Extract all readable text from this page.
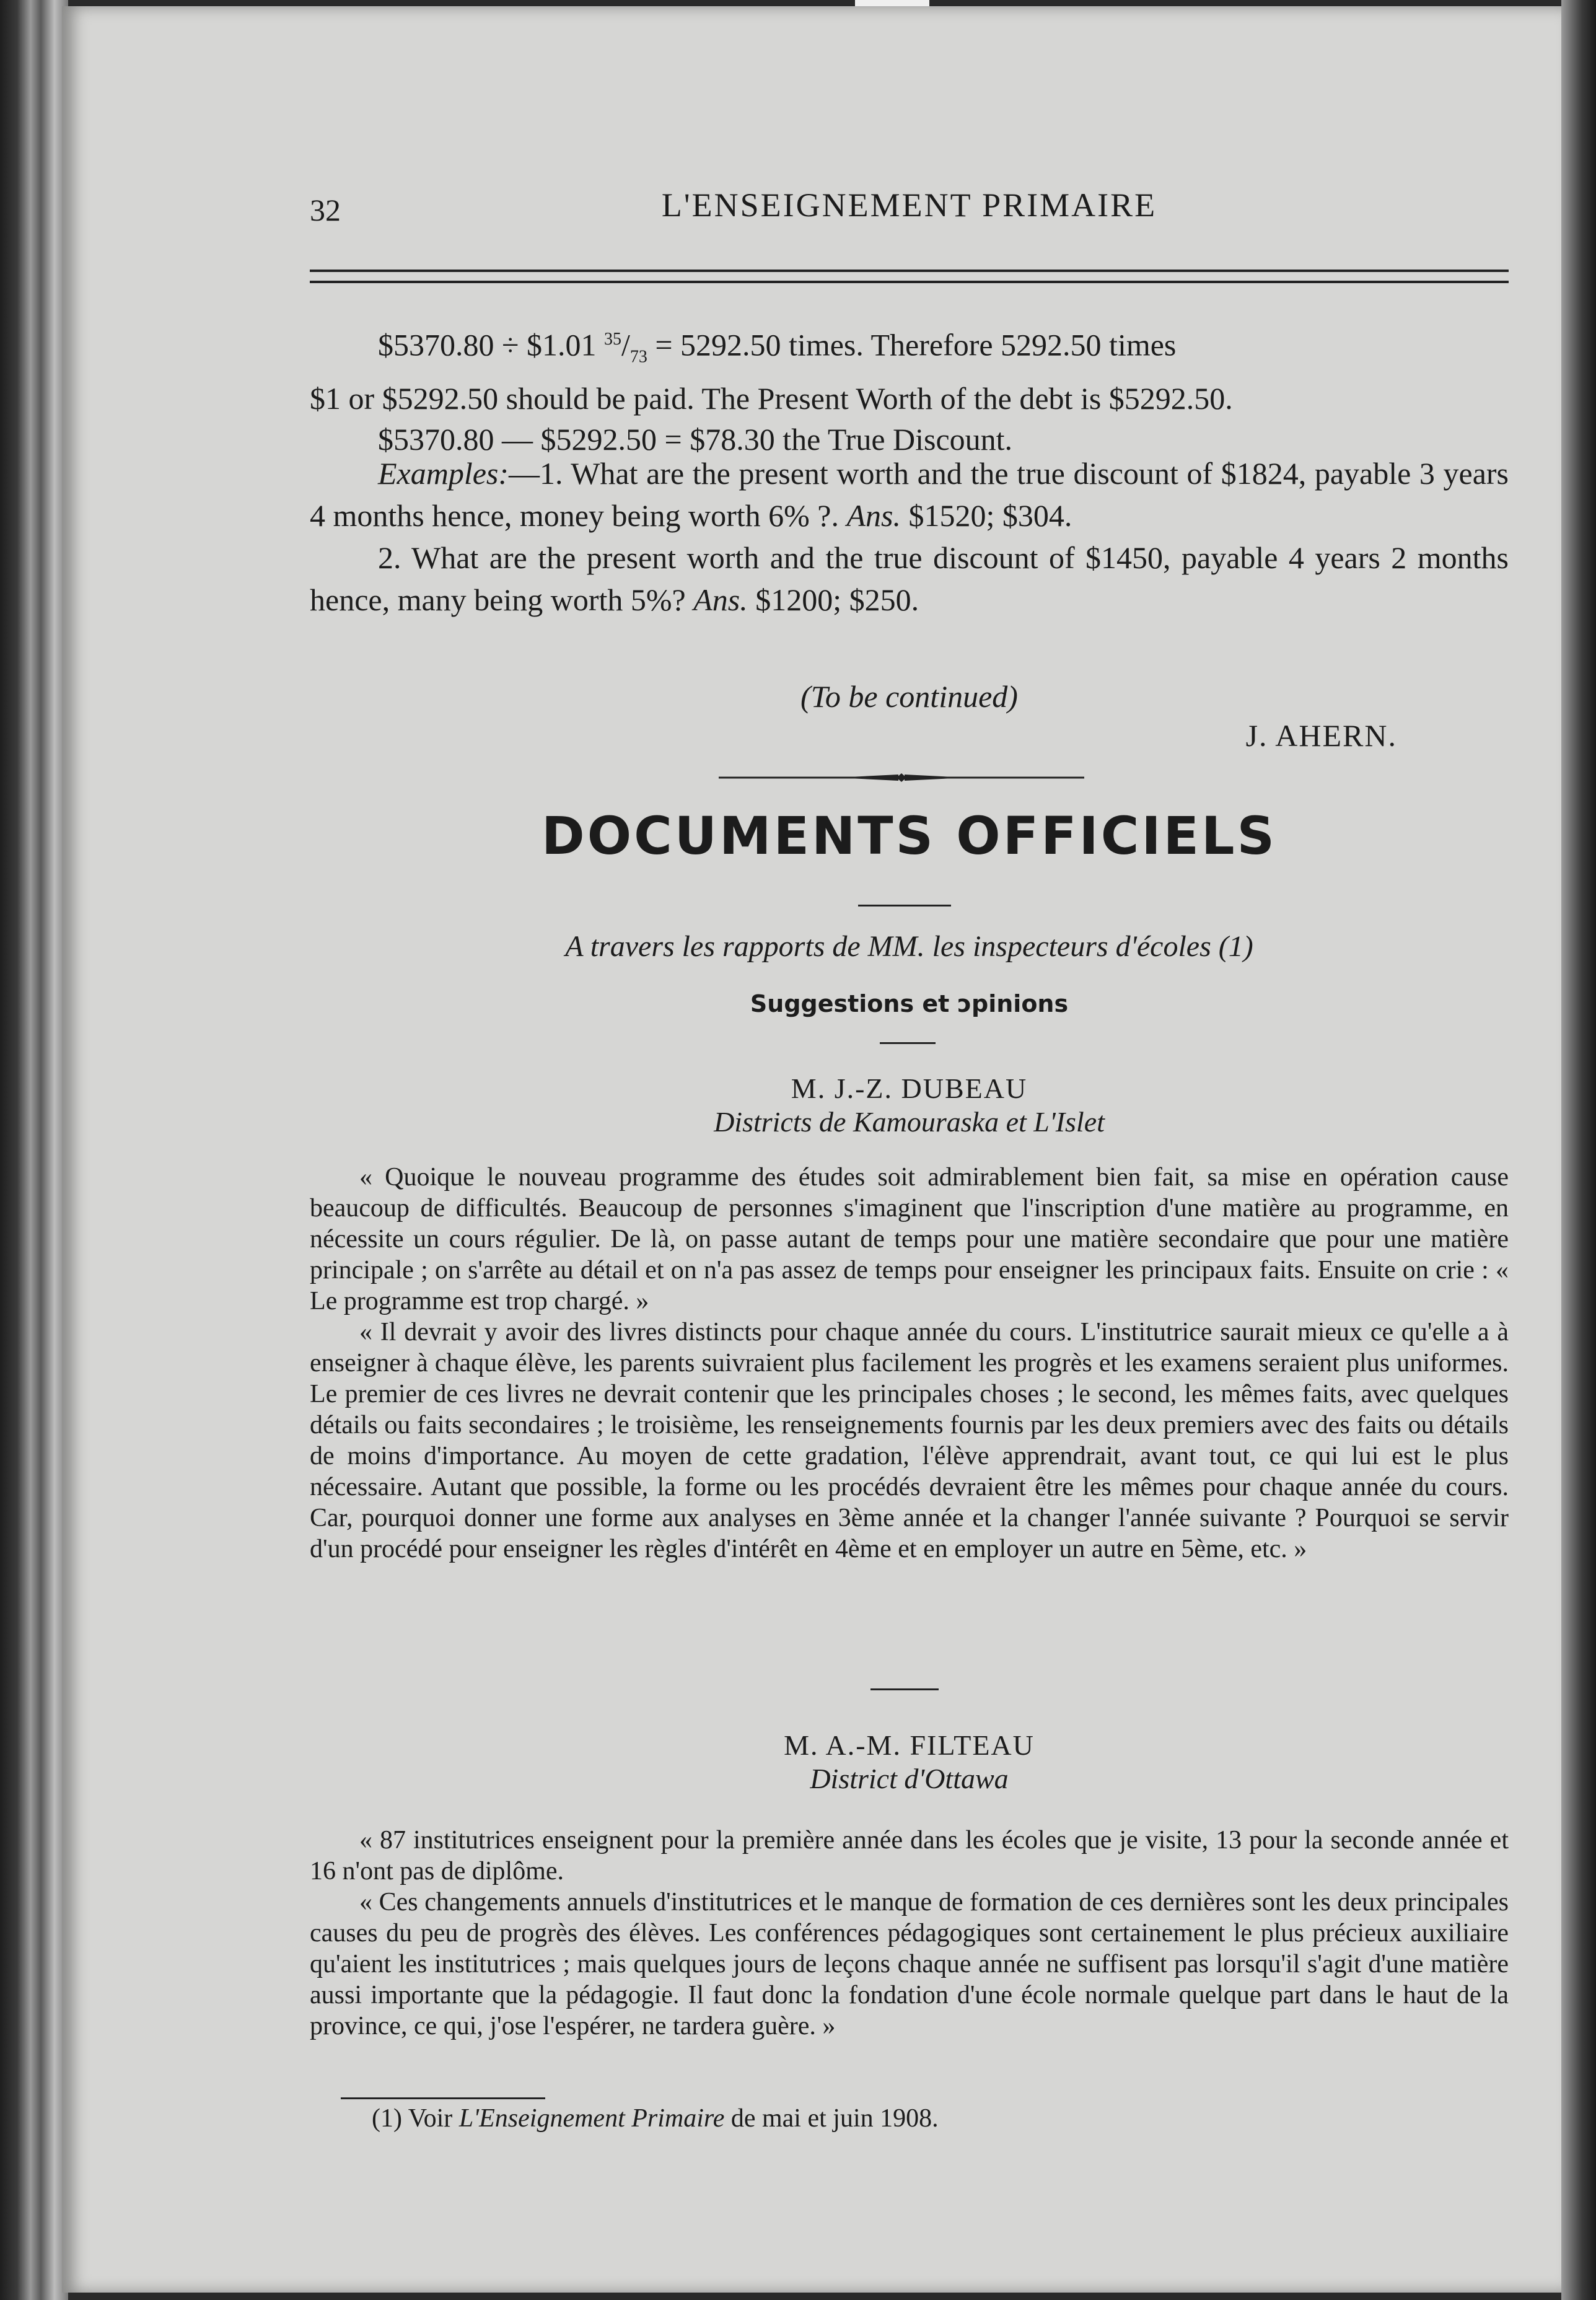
32	L'ENSEIGNEMENT PRIMAIRE

$5370.80 ÷ $1.01 $^{35}/_{73} = 5292.50$ times. Therefore 5292.50 times

$1 or $5292.50 should be paid. The Present Worth of the debt is $5292.50.

$5370.80 — $5292.50 = $78.30 the True Discount.

Examples:—1. What are the present worth and the true discount of $1824, payable 3 years 4 months hence, money being worth 6% ?. Ans. $1520; $304.

2. What are the present worth and the true discount of $1450, payable 4 years 2 months hence, many being worth 5%? Ans. $1200; $250.

(To be continued)
J. AHERN.
DOCUMENTS OFFICIELS
A travers les rapports de MM. les inspecteurs d'écoles (1)
Suggestions et ɔpinions
M. J.-Z. DUBEAU
Districts de Kamouraska et L'Islet

« Quoique le nouveau programme des études soit admirablement bien fait, sa mise en opération cause beaucoup de difficultés. Beaucoup de personnes s'imaginent que l'inscription d'une matière au programme, en nécessite un cours régulier. De là, on passe autant de temps pour une matière secondaire que pour une matière principale ; on s'arrête au détail et on n'a pas assez de temps pour enseigner les principaux faits. Ensuite on crie : « Le programme est trop chargé. »

« Il devrait y avoir des livres distincts pour chaque année du cours. L'institutrice saurait mieux ce qu'elle a à enseigner à chaque élève, les parents suivraient plus facilement les progrès et les examens seraient plus uniformes. Le premier de ces livres ne devrait contenir que les principales choses ; le second, les mêmes faits, avec quelques détails ou faits secondaires ; le troisième, les renseignements fournis par les deux premiers avec des faits ou détails de moins d'importance. Au moyen de cette gradation, l'élève apprendrait, avant tout, ce qui lui est le plus nécessaire. Autant que possible, la forme ou les procédés devraient être les mêmes pour chaque année du cours. Car, pourquoi donner une forme aux analyses en 3ème année et la changer l'année suivante ? Pourquoi se servir d'un procédé pour enseigner les règles d'intérêt en 4ème et en employer un autre en 5ème, etc. »

M. A.-M. FILTEAU
District d'Ottawa

« 87 institutrices enseignent pour la première année dans les écoles que je visite, 13 pour la seconde année et 16 n'ont pas de diplôme.

« Ces changements annuels d'institutrices et le manque de formation de ces dernières sont les deux principales causes du peu de progrès des élèves. Les conférences pédagogiques sont certainement le plus précieux auxiliaire qu'aient les institutrices ; mais quelques jours de leçons chaque année ne suffisent pas lorsqu'il s'agit d'une matière aussi importante que la pédagogie. Il faut donc la fondation d'une école normale quelque part dans le haut de la province, ce qui, j'ose l'espérer, ne tardera guère. »

(1) Voir L'Enseignement Primaire de mai et juin 1908.
